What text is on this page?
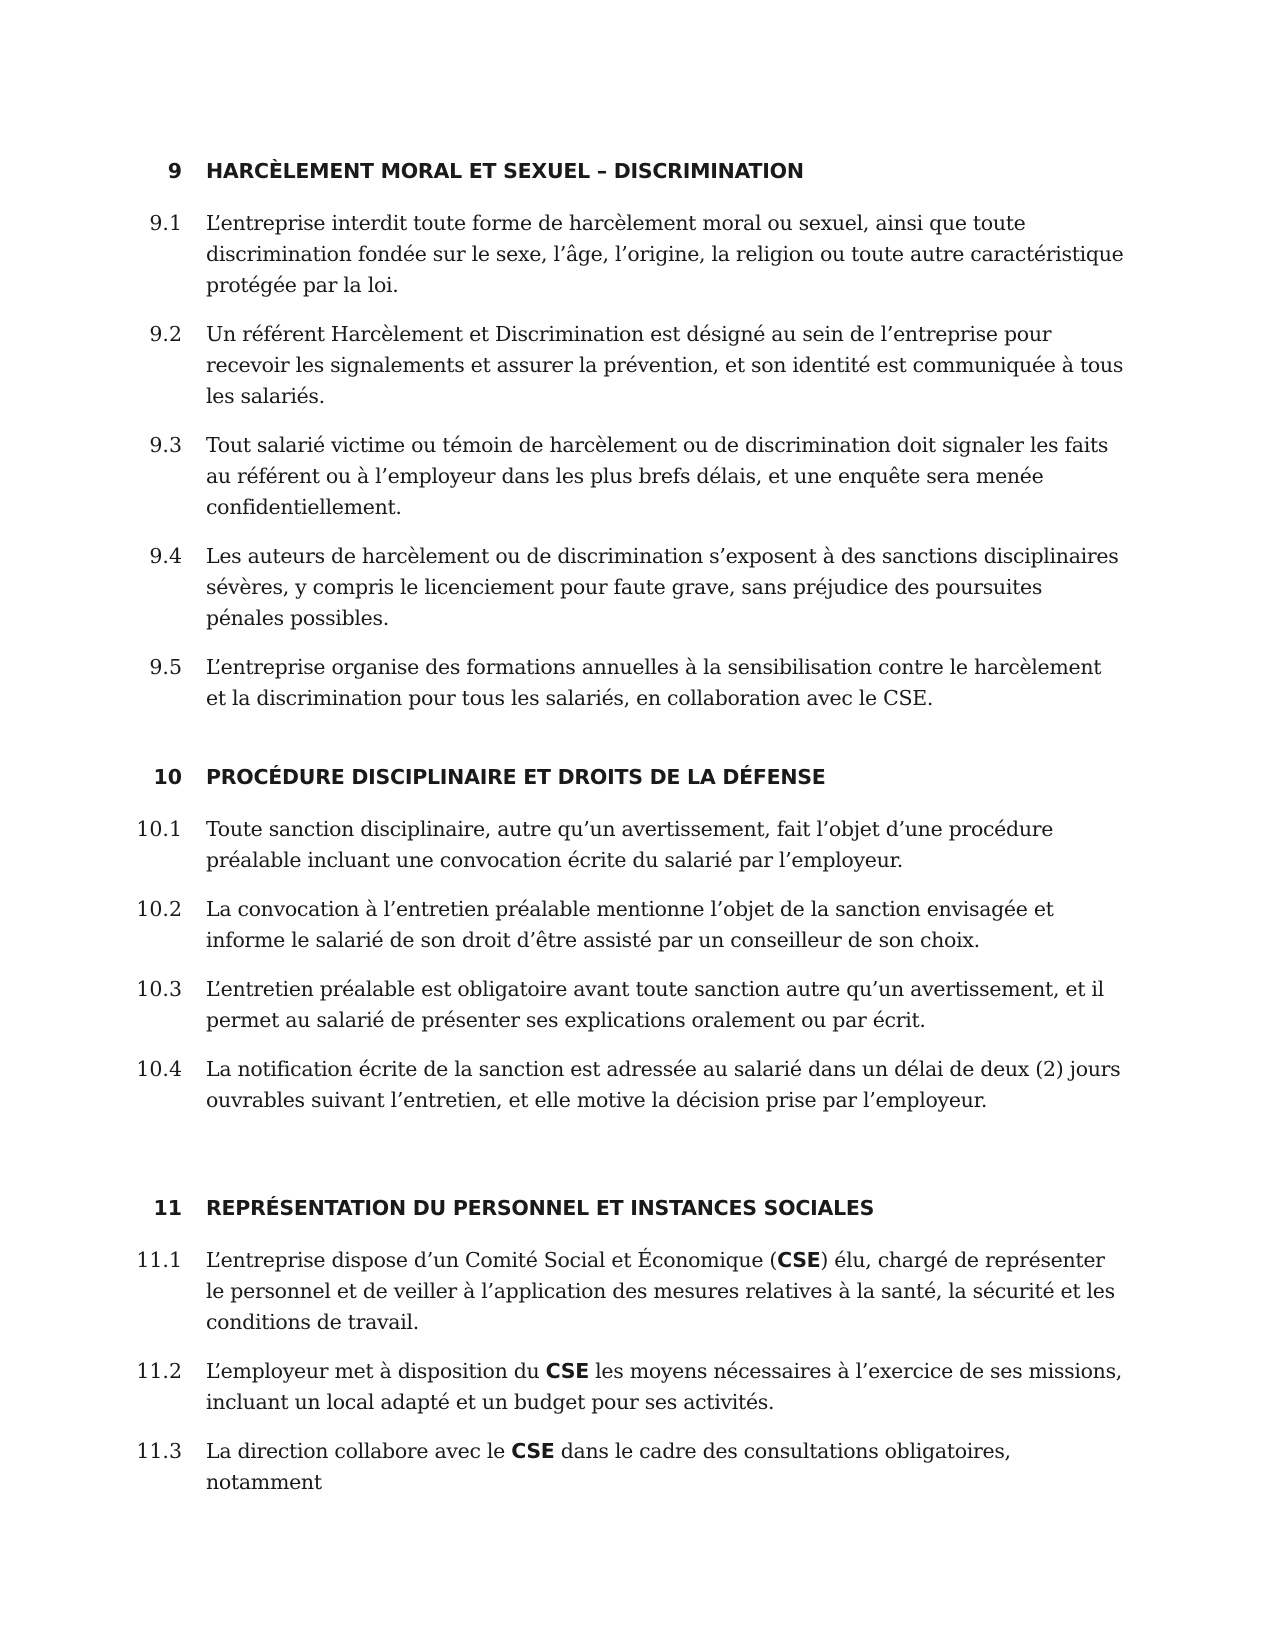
9 HARCÈLEMENT MORAL ET SEXUEL – DISCRIMINATION
9.1 L’entreprise interdit toute forme de harcèlement moral ou sexuel, ainsi que toute discrimination fondée sur le sexe, l’âge, l’origine, la religion ou toute autre caractéristique protégée par la loi.
9.2 Un référent Harcèlement et Discrimination est désigné au sein de l’entreprise pour recevoir les signalements et assurer la prévention, et son identité est communiquée à tous les salariés.
9.3 Tout salarié victime ou témoin de harcèlement ou de discrimination doit signaler les faits au référent ou à l’employeur dans les plus brefs délais, et une enquête sera menée confidentiellement.
9.4 Les auteurs de harcèlement ou de discrimination s’exposent à des sanctions disciplinaires sévères, y compris le licenciement pour faute grave, sans préjudice des poursuites pénales possibles.
9.5 L’entreprise organise des formations annuelles à la sensibilisation contre le harcèlement et la discrimination pour tous les salariés, en collaboration avec le CSE.
10 PROCÉDURE DISCIPLINAIRE ET DROITS DE LA DÉFENSE
10.1 Toute sanction disciplinaire, autre qu’un avertissement, fait l’objet d’une procédure préalable incluant une convocation écrite du salarié par l’employeur.
10.2 La convocation à l’entretien préalable mentionne l’objet de la sanction envisagée et informe le salarié de son droit d’être assisté par un conseilleur de son choix.
10.3 L’entretien préalable est obligatoire avant toute sanction autre qu’un avertissement, et il permet au salarié de présenter ses explications oralement ou par écrit.
10.4 La notification écrite de la sanction est adressée au salarié dans un délai de deux (2) jours ouvrables suivant l’entretien, et elle motive la décision prise par l’employeur.
11 REPRÉSENTATION DU PERSONNEL ET INSTANCES SOCIALES
11.1 L’entreprise dispose d’un Comité Social et Économique (CSE) élu, chargé de représenter le personnel et de veiller à l’application des mesures relatives à la santé, la sécurité et les conditions de travail.
11.2 L’employeur met à disposition du CSE les moyens nécessaires à l’exercice de ses missions, incluant un local adapté et un budget pour ses activités.
11.3 La direction collabore avec le CSE dans le cadre des consultations obligatoires, notamment
